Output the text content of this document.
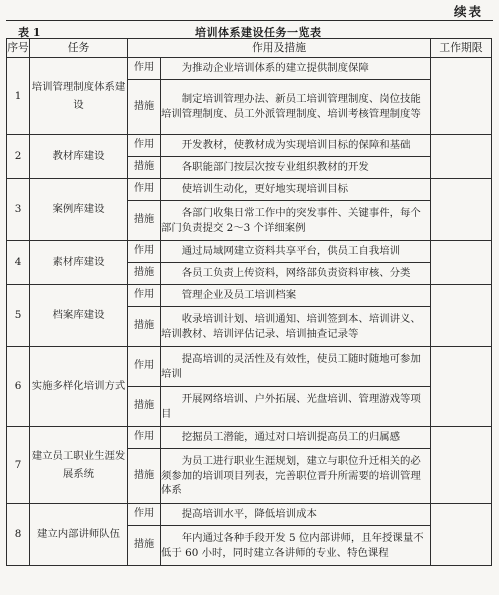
续表
表 1	培训体系建设任务一览表
序号	任务	作用及措施		工作期限
1	培训管理制度体系建设	作用	为推动企业培训体系的建立提供制度保障	
		措施	制定培训管理办法、新员工培训管理制度、岗位技能培训管理制度、员工外派管理制度、培训考核管理制度等	
2	教材库建设	作用	开发教材，使教材成为实现培训目标的保障和基础	
		措施	各职能部门按层次按专业组织教材的开发	
3	案例库建设	作用	使培训生动化，更好地实现培训目标	
		措施	各部门收集日常工作中的突发事件、关键事件，每个部门负责提交 2～3 个详细案例	
4	素材库建设	作用	通过局域网建立资料共享平台，供员工自我培训	
		措施	各员工负责上传资料，网络部负责资料审核、分类	
5	档案库建设	作用	管理企业及员工培训档案	
		措施	收录培训计划、培训通知、培训签到本、培训讲义、培训教材、培训评估记录、培训抽查记录等	
6	实施多样化培训方式	作用	提高培训的灵活性及有效性，使员工随时随地可参加培训	
		措施	开展网络培训、户外拓展、光盘培训、管理游戏等项目	
7	建立员工职业生涯发展系统	作用	挖掘员工潜能，通过对口培训提高员工的归属感	
		措施	为员工进行职业生涯规划，建立与职位升迁相关的必须参加的培训项目列表，完善职位晋升所需要的培训管理体系	
8	建立内部讲师队伍	作用	提高培训水平，降低培训成本	
		措施	年内通过各种手段开发 5 位内部讲师，且年授课量不低于 60 小时，同时建立各讲师的专业、特色课程	
